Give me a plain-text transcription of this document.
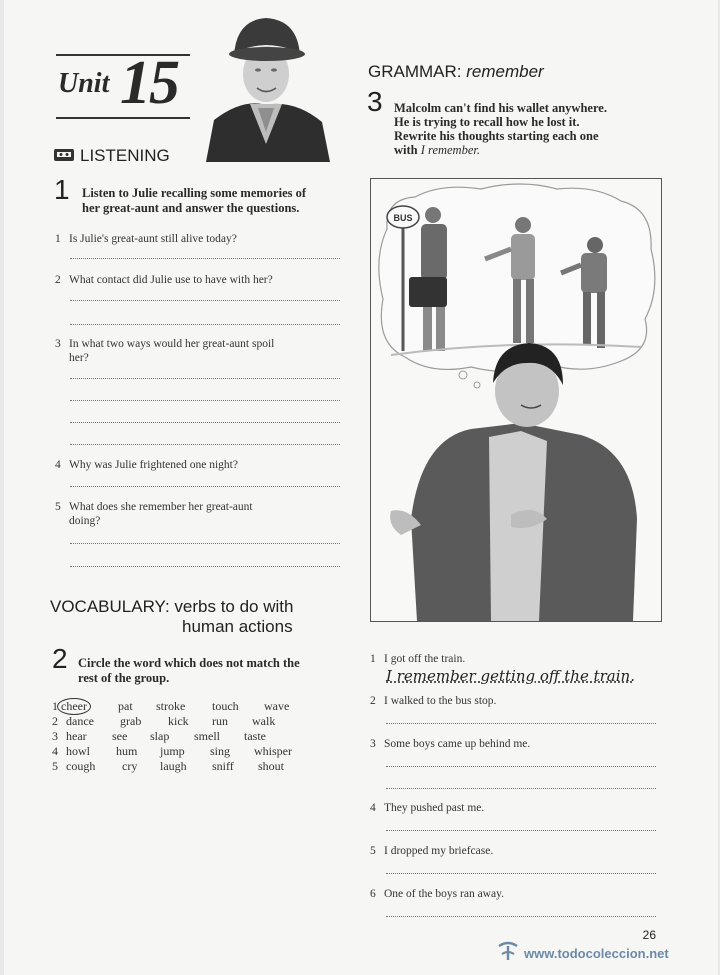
Unit 15
LISTENING
1 Listen to Julie recalling some memories of
her great-aunt and answer the questions.
1 Is Julie's great-aunt still alive today?
2 What contact did Julie use to have with her?
3 In what two ways would her great-aunt spoil
her?
4 Why was Julie frightened one night?
5 What does she remember her great-aunt
doing?
VOCABULARY: verbs to do with
human actions
2 Circle the word which does not match the
rest of the group.
1 cheer	pat stroke touch wave
2 dance grab kick run walk
3 hear see slap smell taste
4 howl hum jump sing whisper
5 cough cry laugh sniff shout
GRAMMAR: remember
3 Malcolm can't find his wallet anywhere.
He is trying to recall how he lost it.
Rewrite his thoughts starting each one
with I remember.
BUS
1 I got off the train.
I remember getting off the train.
2 I walked to the bus stop.
3 Some boys came up behind me.
4 They pushed past me.
5 I dropped my briefcase.
6 One of the boys ran away.
26
www.todocoleccion.net
